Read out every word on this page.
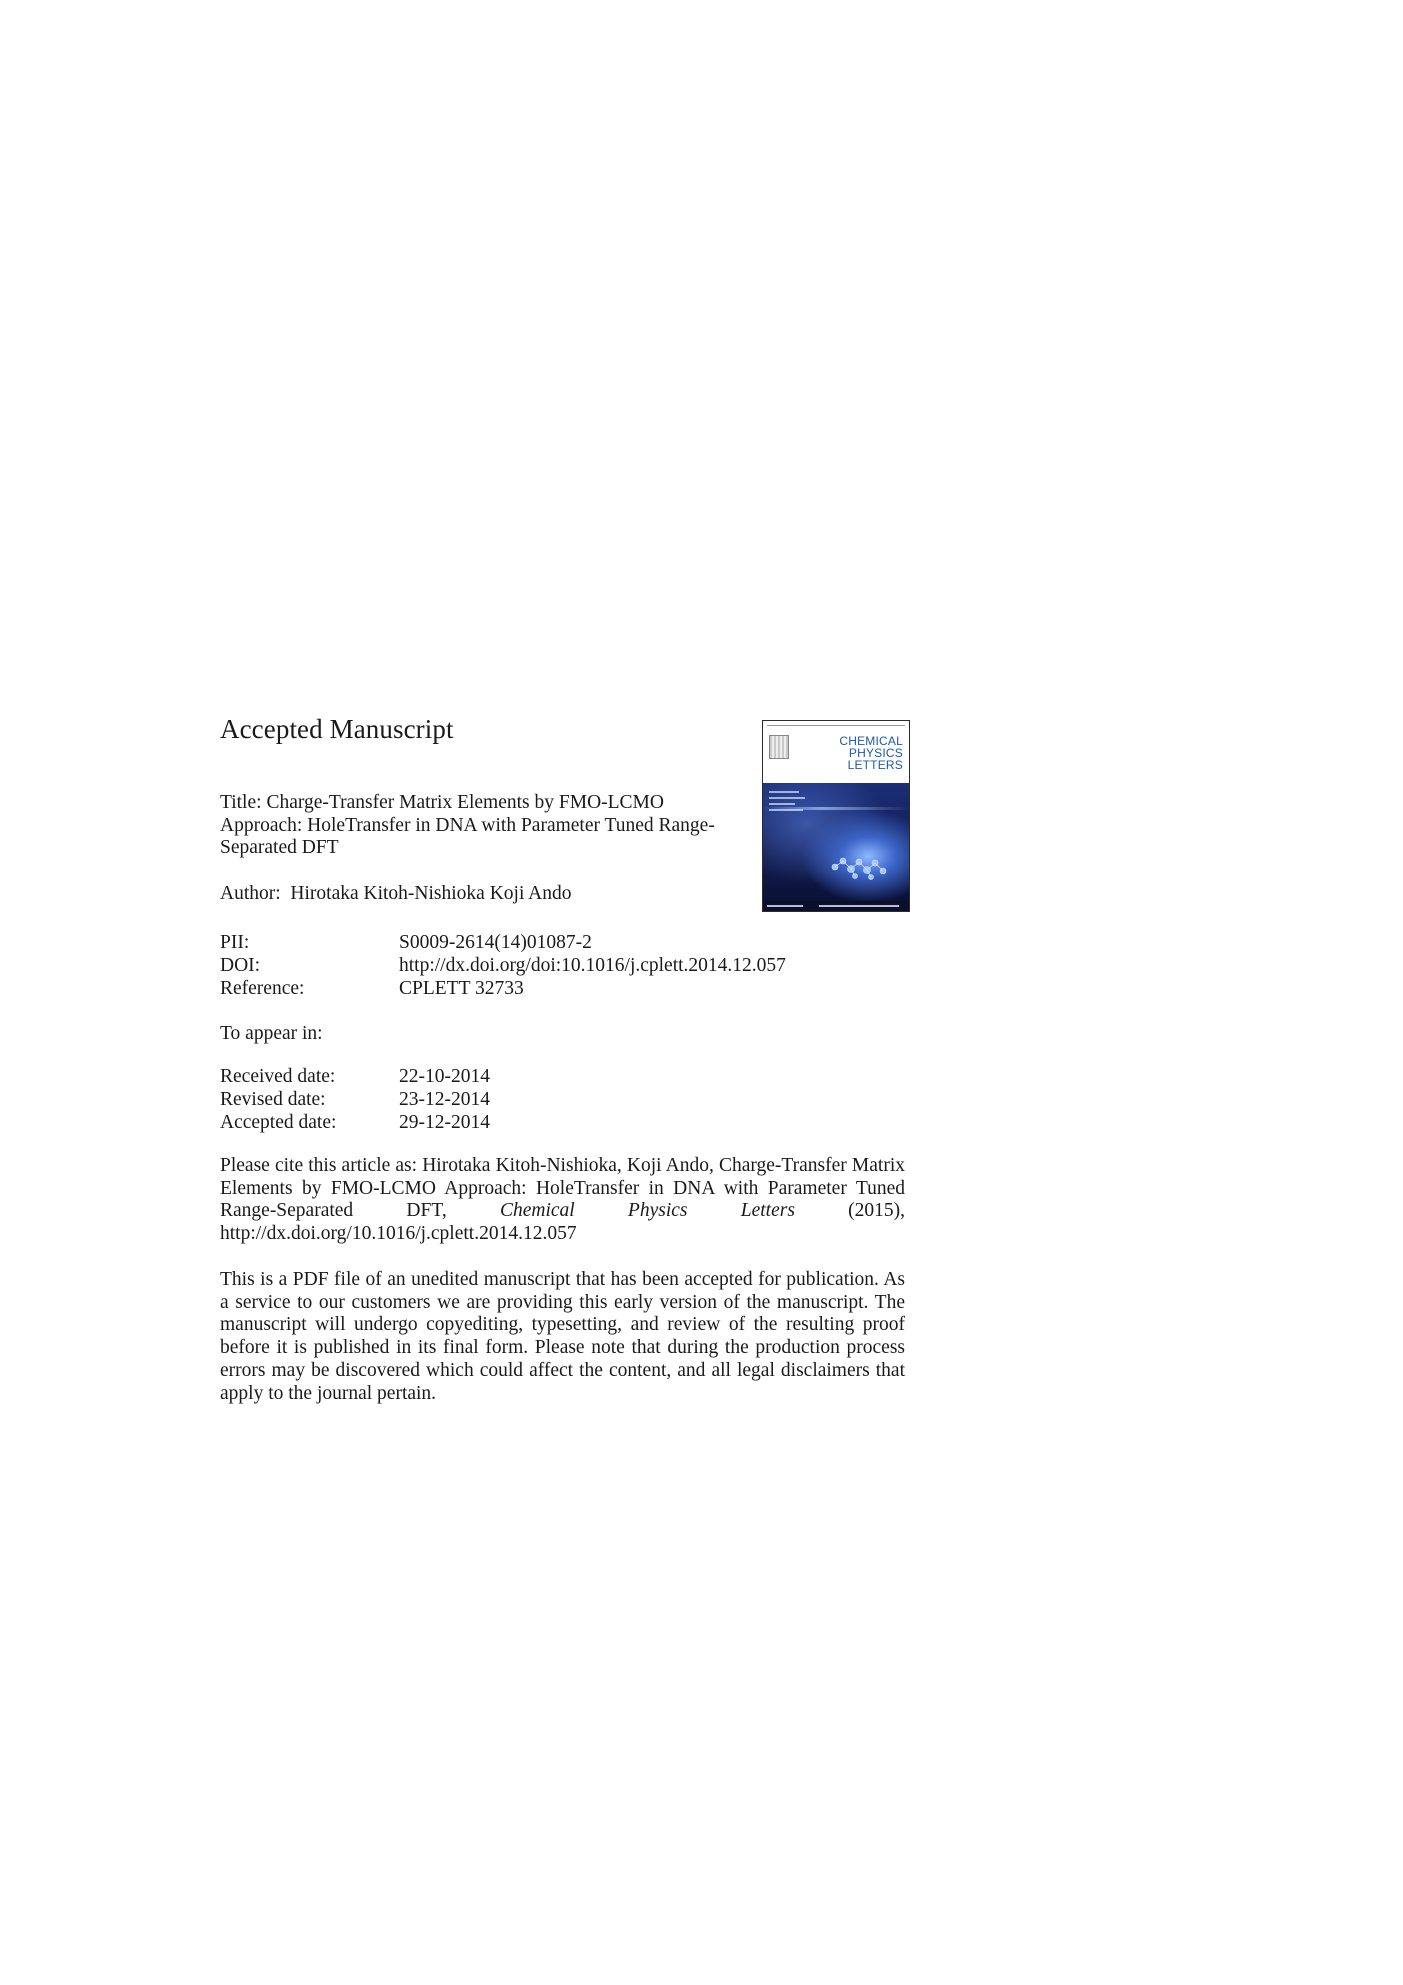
Accepted Manuscript	CHEMICAL
PHYSICS
LETTERS
Title: Charge-Transfer Matrix Elements by FMO-LCMO Approach: HoleTransfer in DNA with Parameter Tuned Range-Separated DFT
Author: Hirotaka Kitoh-Nishioka Koji Ando
PII:	S0009-2614(14)01087-2
DOI:	http://dx.doi.org/doi:10.1016/j.cplett.2014.12.057
Reference:	CPLETT 32733
To appear in:
Received date:	22-10-2014
Revised date:	23-12-2014
Accepted date:	29-12-2014
Please cite this article as: Hirotaka Kitoh-Nishioka, Koji Ando, Charge-Transfer Matrix Elements by FMO-LCMO Approach: HoleTransfer in DNA with Parameter Tuned Range-Separated DFT,	Chemical Physics Letters	(2015), http://dx.doi.org/10.1016/j.cplett.2014.12.057
This is a PDF file of an unedited manuscript that has been accepted for publication. As a service to our customers we are providing this early version of the manuscript. The manuscript will undergo copyediting, typesetting, and review of the resulting proof before it is published in its final form. Please note that during the production process errors may be discovered which could affect the content, and all legal disclaimers that apply to the journal pertain.
